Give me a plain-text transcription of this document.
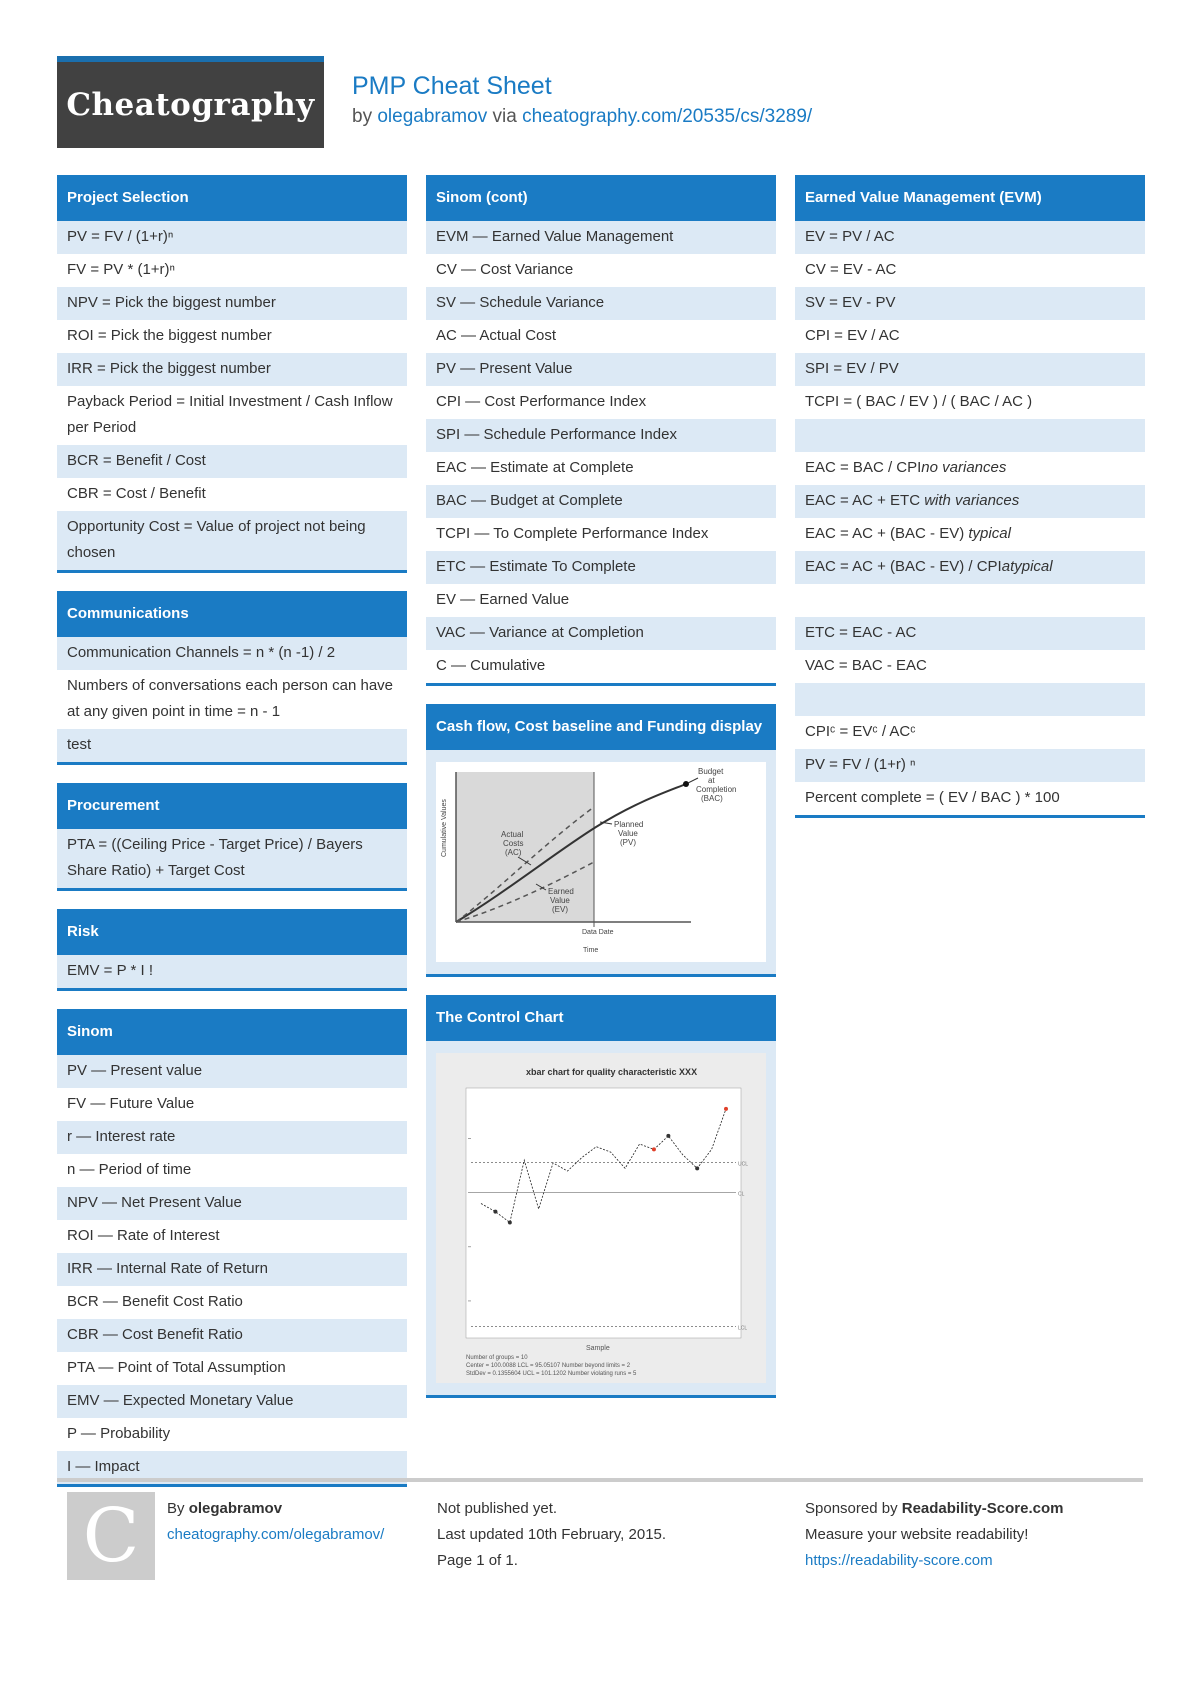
Cheatography
PMP Cheat Sheet
by olegabramov via cheatography.com/20535/cs/3289/
Project Selection
PV = FV / (1+r)ⁿ
FV = PV * (1+r)ⁿ
NPV = Pick the biggest number
ROI = Pick the biggest number
IRR = Pick the biggest number
Payback Period = Initial Investment / Cash Inflow per Period
BCR = Benefit / Cost
CBR = Cost / Benefit
Opportunity Cost = Value of project not being chosen
Communications
Communication Channels = n * (n -1) / 2
Numbers of conversations each person can have at any given point in time = n - 1
test
Procurement
PTA = ((Ceiling Price - Target Price) / Bayers Share Ratio) + Target Cost
Risk
EMV = P * I !
Sinom
PV — Present value
FV — Future Value
r — Interest rate
n — Period of time
NPV — Net Present Value
ROI — Rate of Interest
IRR — Internal Rate of Return
BCR — Benefit Cost Ratio
CBR — Cost Benefit Ratio
PTA — Point of Total Assumption
EMV — Expected Monetary Value
P — Probability
I — Impact
Sinom (cont)
EVM — Earned Value Management
CV — Cost Variance
SV — Schedule Variance
AC — Actual Cost
PV — Present Value
CPI — Cost Performance Index
SPI — Schedule Performance Index
EAC — Estimate at Complete
BAC — Budget at Complete
TCPI — To Complete Performance Index
ETC — Estimate To Complete
EV — Earned Value
VAC — Variance at Completion
C — Cumulative
Cash flow, Cost baseline and Funding display
Cumulative Values
Data Date
Time
Budget
at
Completion
(BAC)
Actual
Costs
(AC)
Planned
Value
(PV)
Earned
Value
(EV)
The Control Chart
xbar chart for quality characteristic XXX
Sample
Number of groups = 10
Center = 100.0088 LCL = 95.05107 Number beyond limits = 2
StdDev = 0.1355604 UCL = 101.1202 Number violating runs = 5
UCL
CL
LCL
Earned Value Management (EVM)
EV = PV / AC
CV = EV - AC
SV = EV - PV
CPI = EV / AC
SPI = EV / PV
TCPI = ( BAC / EV ) / ( BAC / AC )
EAC = BAC / CPIno variances
EAC = AC + ETC with variances
EAC = AC + (BAC - EV) typical
EAC = AC + (BAC - EV) / CPIatypical
ETC = EAC - AC
VAC = BAC - EAC
CPIᶜ = EVᶜ / ACᶜ
PV = FV / (1+r) ⁿ
Percent complete = ( EV / BAC ) * 100
C By olegabramov
cheatography.com/olegabramov/
Not published yet.
Last updated 10th February, 2015.
Page 1 of 1.
Sponsored by Readability-Score.com
Measure your website readability!
https://readability-score.com
